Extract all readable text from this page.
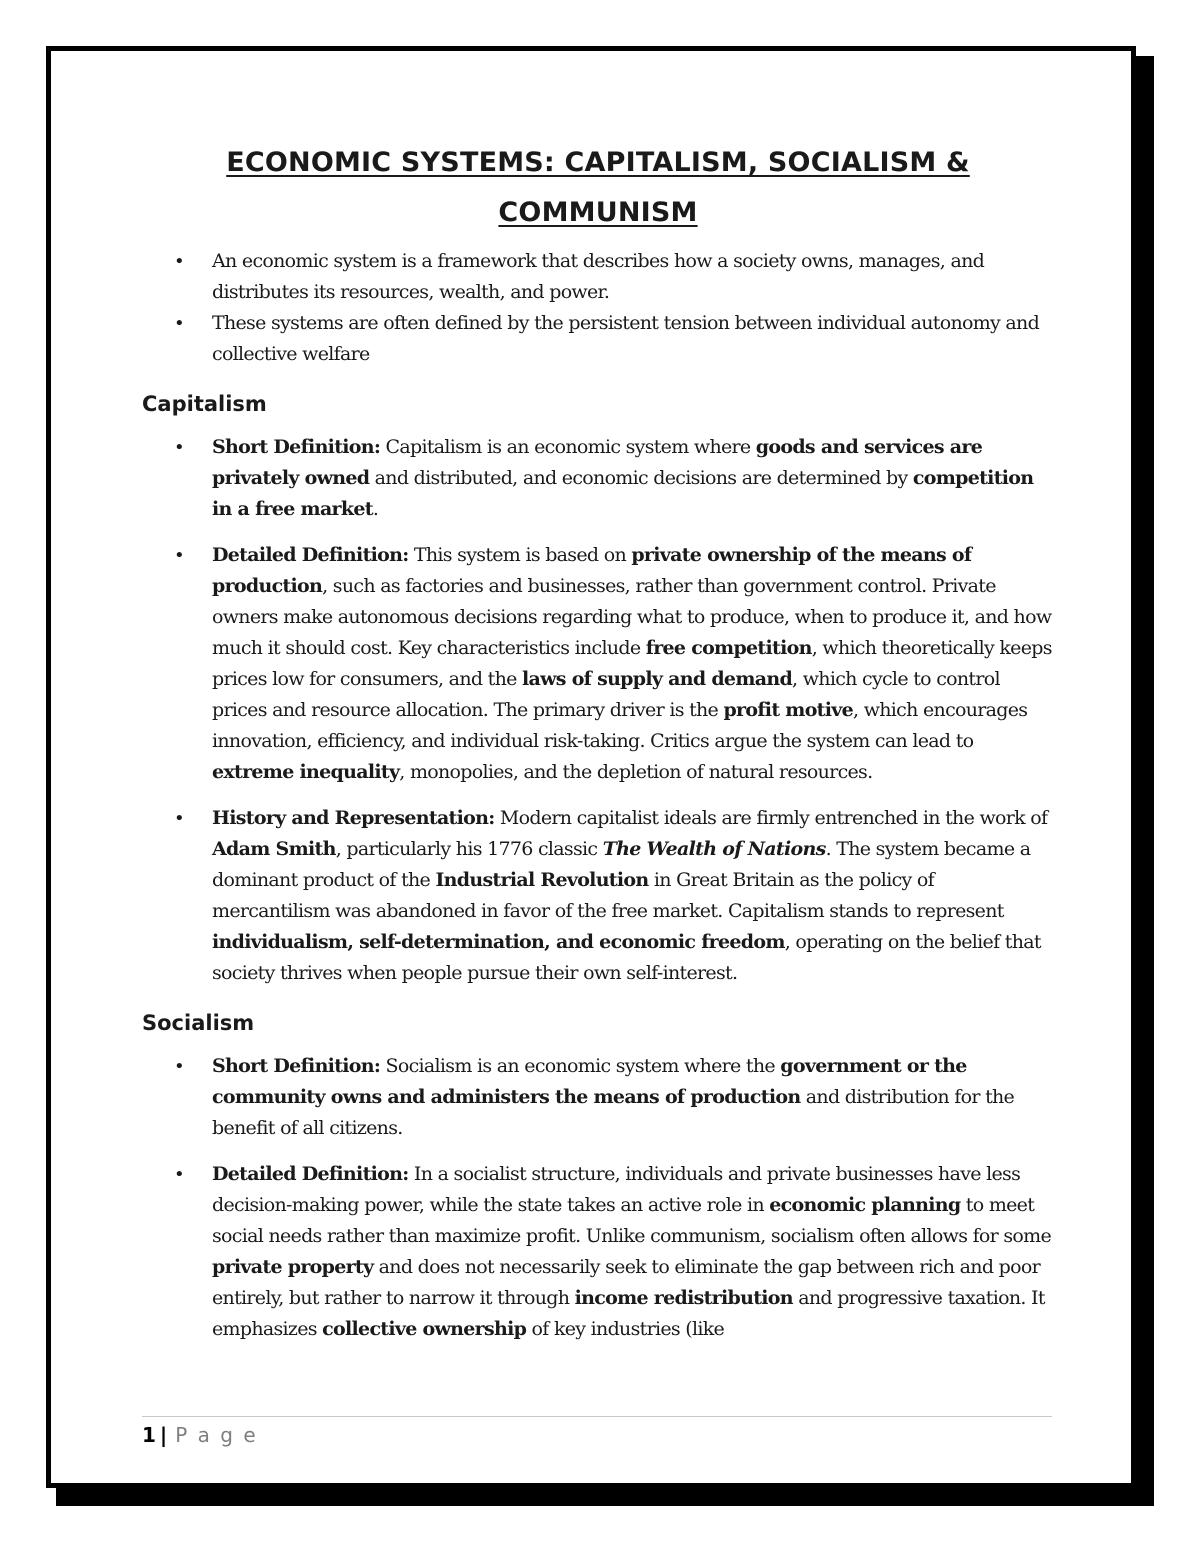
ECONOMIC SYSTEMS: CAPITALISM, SOCIALISM &
COMMUNISM
• An economic system is a framework that describes how a society owns, manages, and distributes its resources, wealth, and power.
• These systems are often defined by the persistent tension between individual autonomy and collective welfare
Capitalism
• Short Definition: Capitalism is an economic system where goods and services are privately owned and distributed, and economic decisions are determined by competition in a free market.
• Detailed Definition: This system is based on private ownership of the means of production, such as factories and businesses, rather than government control. Private owners make autonomous decisions regarding what to produce, when to produce it, and how much it should cost. Key characteristics include free competition, which theoretically keeps prices low for consumers, and the laws of supply and demand, which cycle to control prices and resource allocation. The primary driver is the profit motive, which encourages innovation, efficiency, and individual risk-taking. Critics argue the system can lead to extreme inequality, monopolies, and the depletion of natural resources.
• History and Representation: Modern capitalist ideals are firmly entrenched in the work of Adam Smith, particularly his 1776 classic The Wealth of Nations. The system became a dominant product of the Industrial Revolution in Great Britain as the policy of mercantilism was abandoned in favor of the free market. Capitalism stands to represent individualism, self-determination, and economic freedom, operating on the belief that society thrives when people pursue their own self-interest.
Socialism
• Short Definition: Socialism is an economic system where the government or the community owns and administers the means of production and distribution for the benefit of all citizens.
• Detailed Definition: In a socialist structure, individuals and private businesses have less decision-making power, while the state takes an active role in economic planning to meet social needs rather than maximize profit. Unlike communism, socialism often allows for some private property and does not necessarily seek to eliminate the gap between rich and poor entirely, but rather to narrow it through income redistribution and progressive taxation. It emphasizes collective ownership of key industries (like
1 | P a g e
